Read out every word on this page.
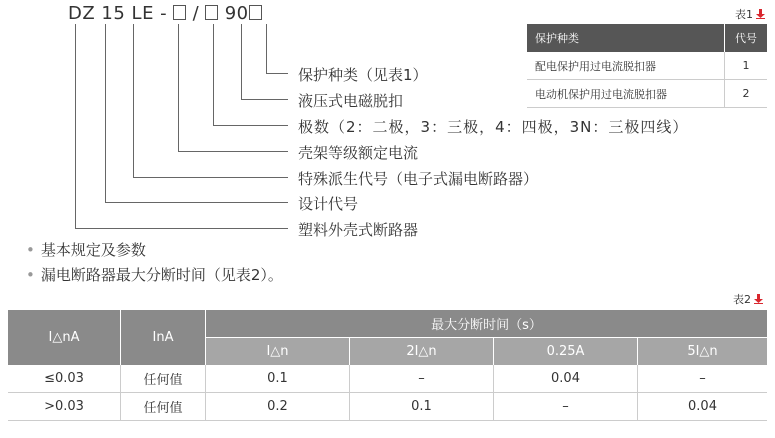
DZ 15 LE - / 90
保护种类（见表1）
液压式电磁脱扣
极数（2：二极，3：三极，4：四极，3N：三极四线）
壳架等级额定电流
特殊派生代号（电子式漏电断路器）
设计代号
塑料外壳式断路器
表1
保护种类	代号
配电保护用过电流脱扣器	1
电动机保护用过电流脱扣器	2
• 基本规定及参数
• 漏电断路器最大分断时间（见表2）。
表2
I△nA	InA	最大分断时间（s）			
		I△n	2I△n	0.25A	5I△n
≤0.03	任何值	0.1	–	0.04	–
>0.03	任何值	0.2	0.1	–	0.04
